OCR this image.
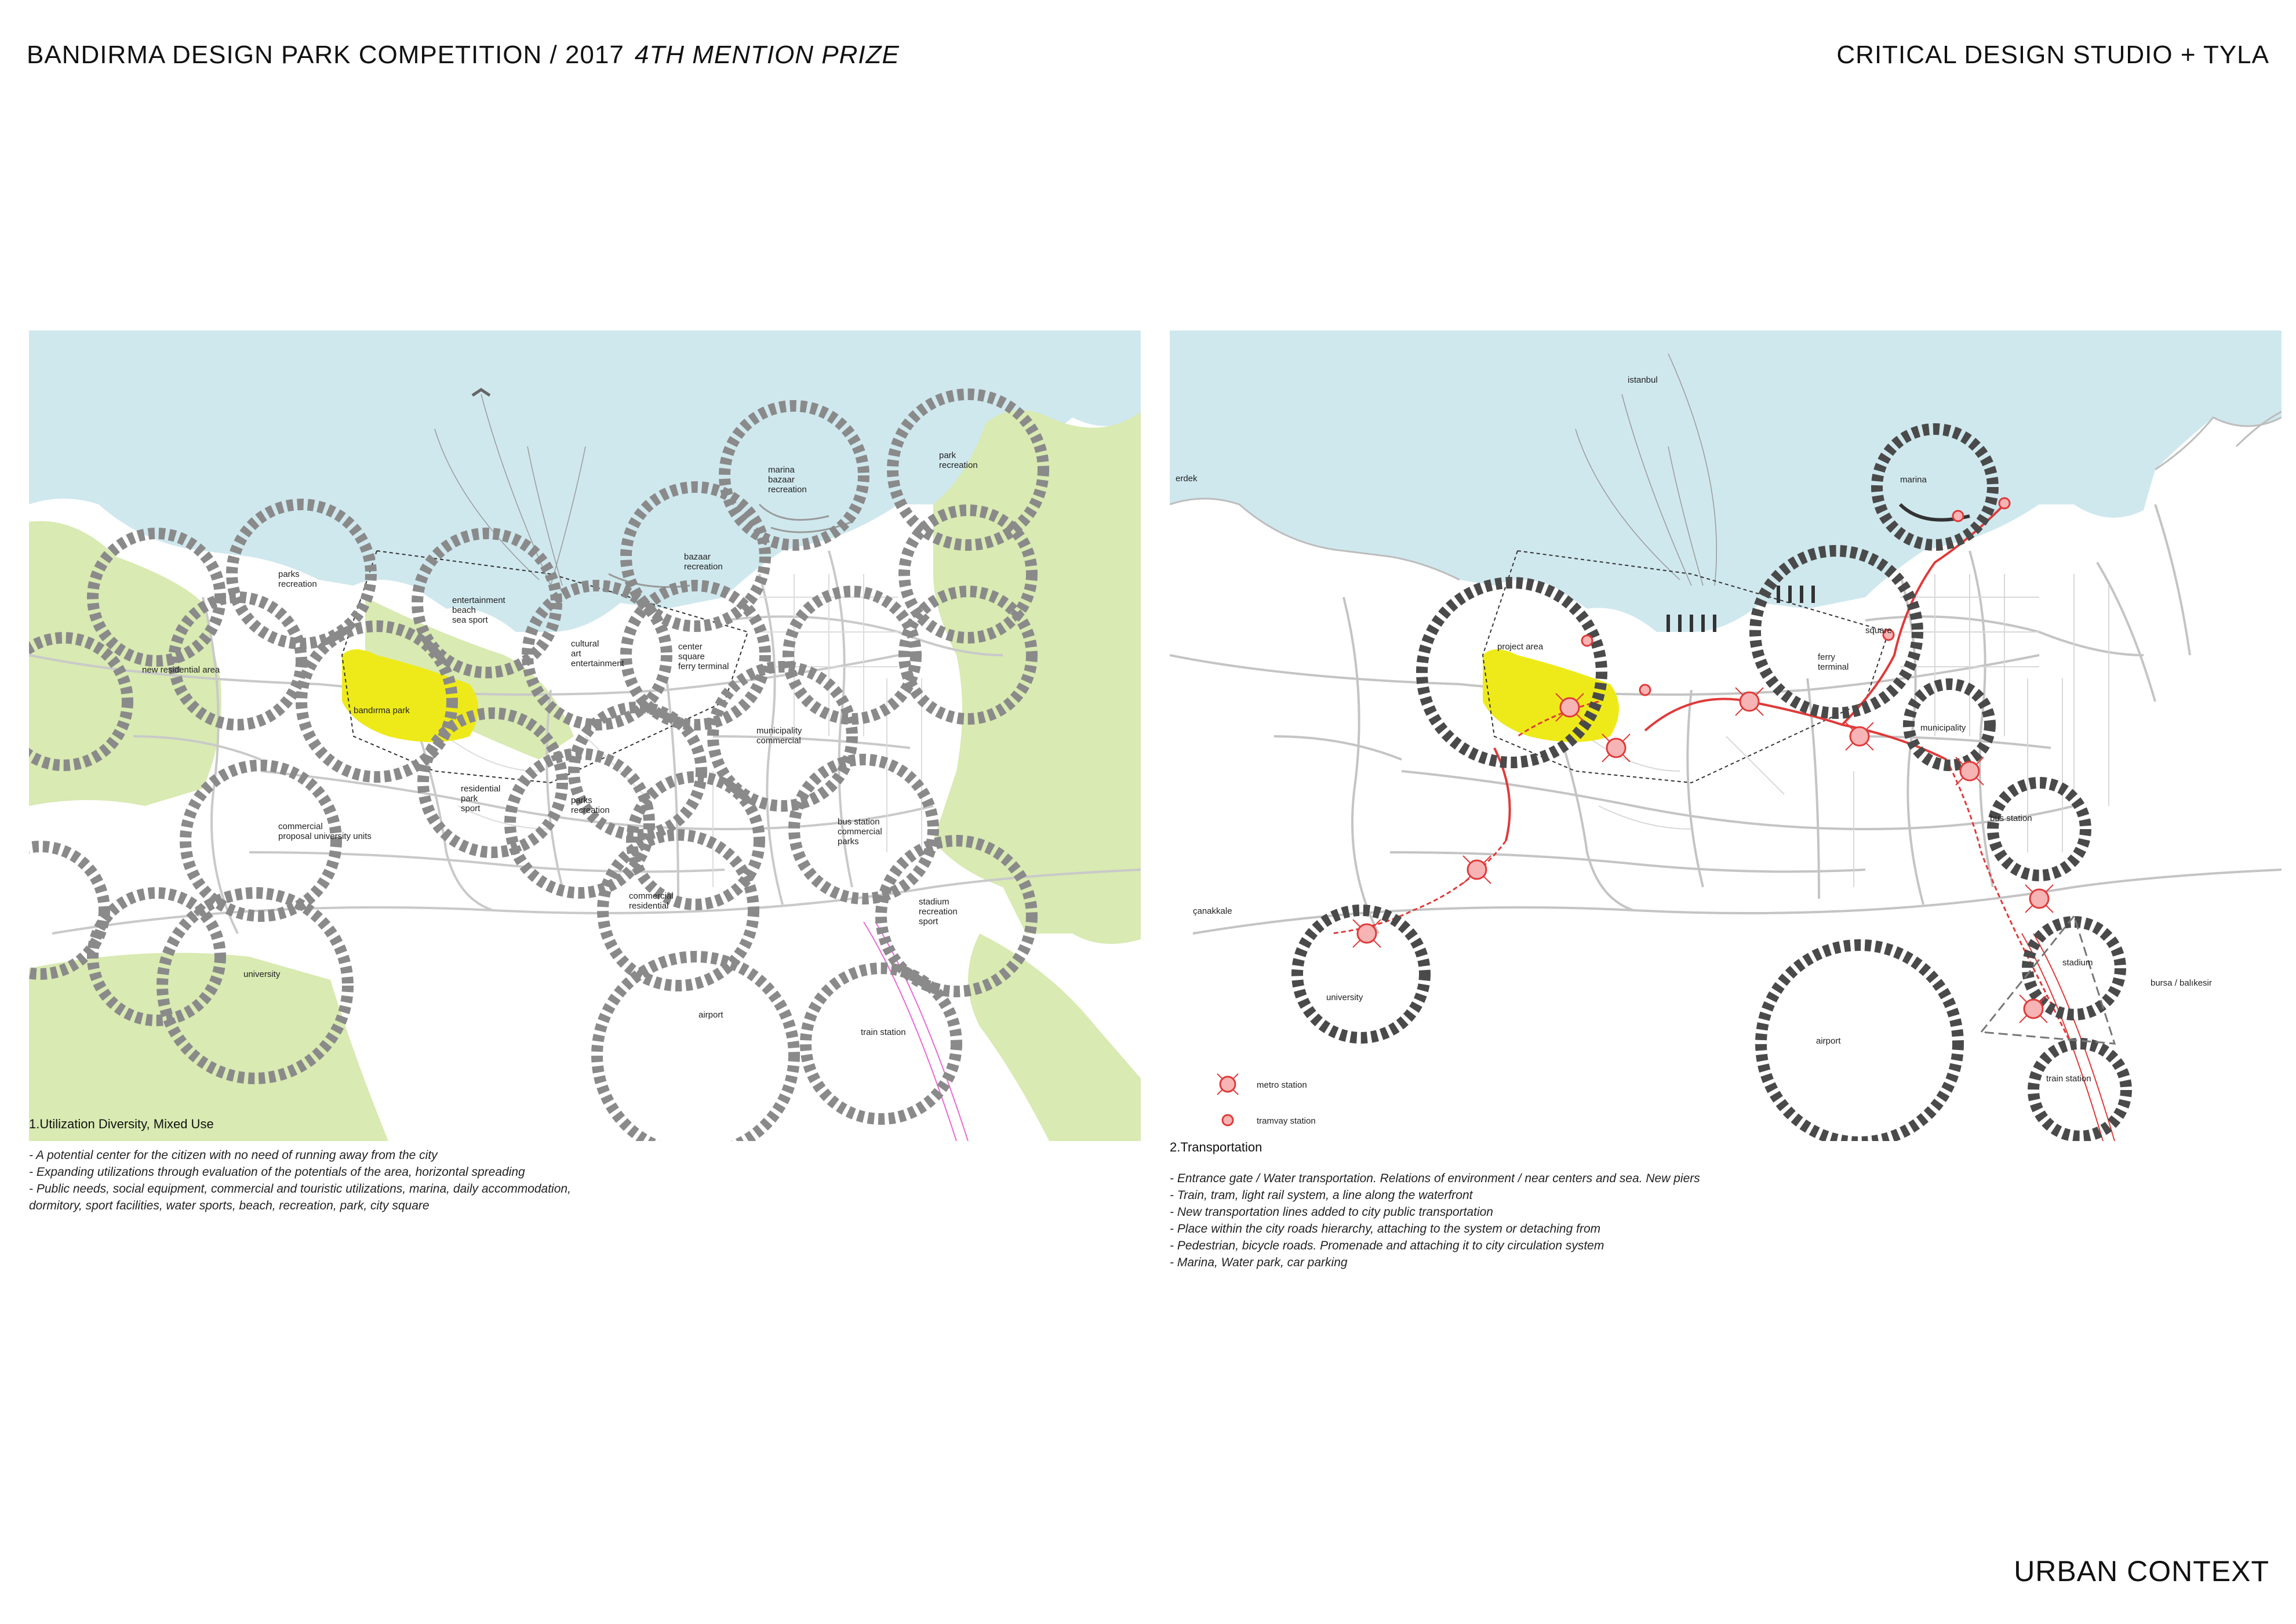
BANDIRMA DESIGN PARK COMPETITION / 2017 4TH MENTION PRIZE	CRITICAL DESIGN STUDIO + TYLA
park recreation
marina bazaar recreation
bazaar recreation
parks recreation
entertainment beach sea sport
cultural art entertainment
center square ferry terminal
new residential area
bandırma park
municipality commercial
residential park sport
parks recreation
commercial proposal university units
bus station commercial parks
commercial residential	stadium recreation sport
university
airport
train station
1.Utilization Diversity, Mixed Use
- A potential center for the citizen with no need of running away from the city
- Expanding utilizations through evaluation of the potentials of the area, horizontal spreading
- Public needs, social equipment, commercial and touristic utilizations, marina, daily accommodation,
dormitory, sport facilities, water sports, beach, recreation, park, city square
metro station
tramvay station
istanbul
erdek	marina
project area
square
ferry terminal
municipality
bus station
çanakkale
stadium
bursa / balıkesir
university
airport
train station
2.Transportation
- Entrance gate / Water transportation. Relations of environment / near centers and sea. New piers
- Train, tram, light rail system, a line along the waterfront
- New transportation lines added to city public transportation
- Place within the city roads hierarchy, attaching to the system or detaching from
- Pedestrian, bicycle roads. Promenade and attaching it to city circulation system
- Marina, Water park, car parking
URBAN CONTEXT
